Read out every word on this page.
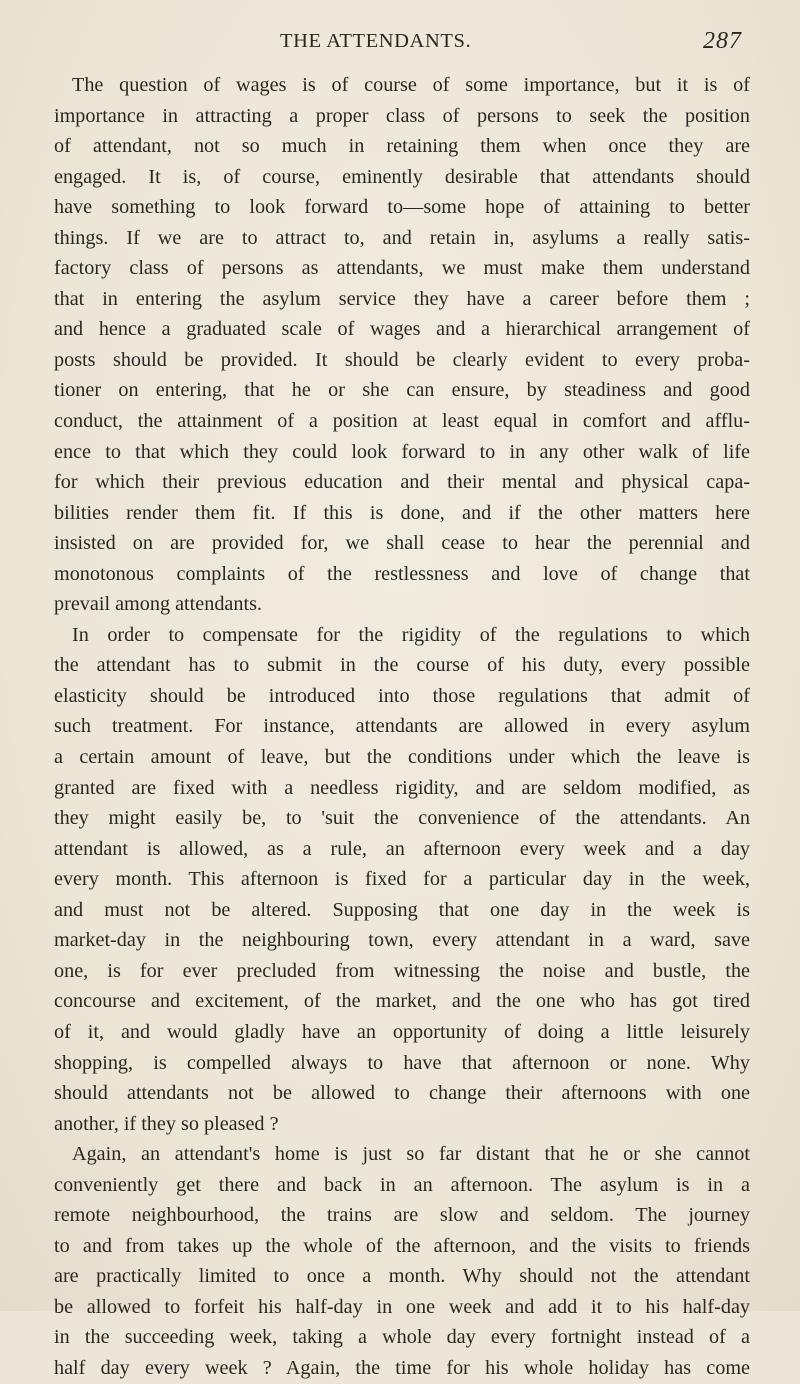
THE ATTENDANTS.	287
The question of wages is of course of some importance, but it is of
importance in attracting a proper class of persons to seek the position
of attendant, not so much in retaining them when once they are
engaged. It is, of course, eminently desirable that attendants should
have something to look forward to—some hope of attaining to better
things. If we are to attract to, and retain in, asylums a really satis-
factory class of persons as attendants, we must make them understand
that in entering the asylum service they have a career before them ;
and hence a graduated scale of wages and a hierarchical arrangement of
posts should be provided. It should be clearly evident to every proba-
tioner on entering, that he or she can ensure, by steadiness and good
conduct, the attainment of a position at least equal in comfort and afflu-
ence to that which they could look forward to in any other walk of life
for which their previous education and their mental and physical capa-
bilities render them fit. If this is done, and if the other matters here
insisted on are provided for, we shall cease to hear the perennial and
monotonous complaints of the restlessness and love of change that
prevail among attendants.
In order to compensate for the rigidity of the regulations to which
the attendant has to submit in the course of his duty, every possible
elasticity should be introduced into those regulations that admit of
such treatment. For instance, attendants are allowed in every asylum
a certain amount of leave, but the conditions under which the leave is
granted are fixed with a needless rigidity, and are seldom modified, as
they might easily be, to 'suit the convenience of the attendants. An
attendant is allowed, as a rule, an afternoon every week and a day
every month. This afternoon is fixed for a particular day in the week,
and must not be altered. Supposing that one day in the week is
market-day in the neighbouring town, every attendant in a ward, save
one, is for ever precluded from witnessing the noise and bustle, the
concourse and excitement, of the market, and the one who has got tired
of it, and would gladly have an opportunity of doing a little leisurely
shopping, is compelled always to have that afternoon or none. Why
should attendants not be allowed to change their afternoons with one
another, if they so pleased ?
Again, an attendant's home is just so far distant that he or she cannot
conveniently get there and back in an afternoon. The asylum is in a
remote neighbourhood, the trains are slow and seldom. The journey
to and from takes up the whole of the afternoon, and the visits to friends
are practically limited to once a month. Why should not the attendant
be allowed to forfeit his half-day in one week and add it to his half-day
in the succeeding week, taking a whole day every fortnight instead of a
half day every week ? Again, the time for his whole holiday has come
